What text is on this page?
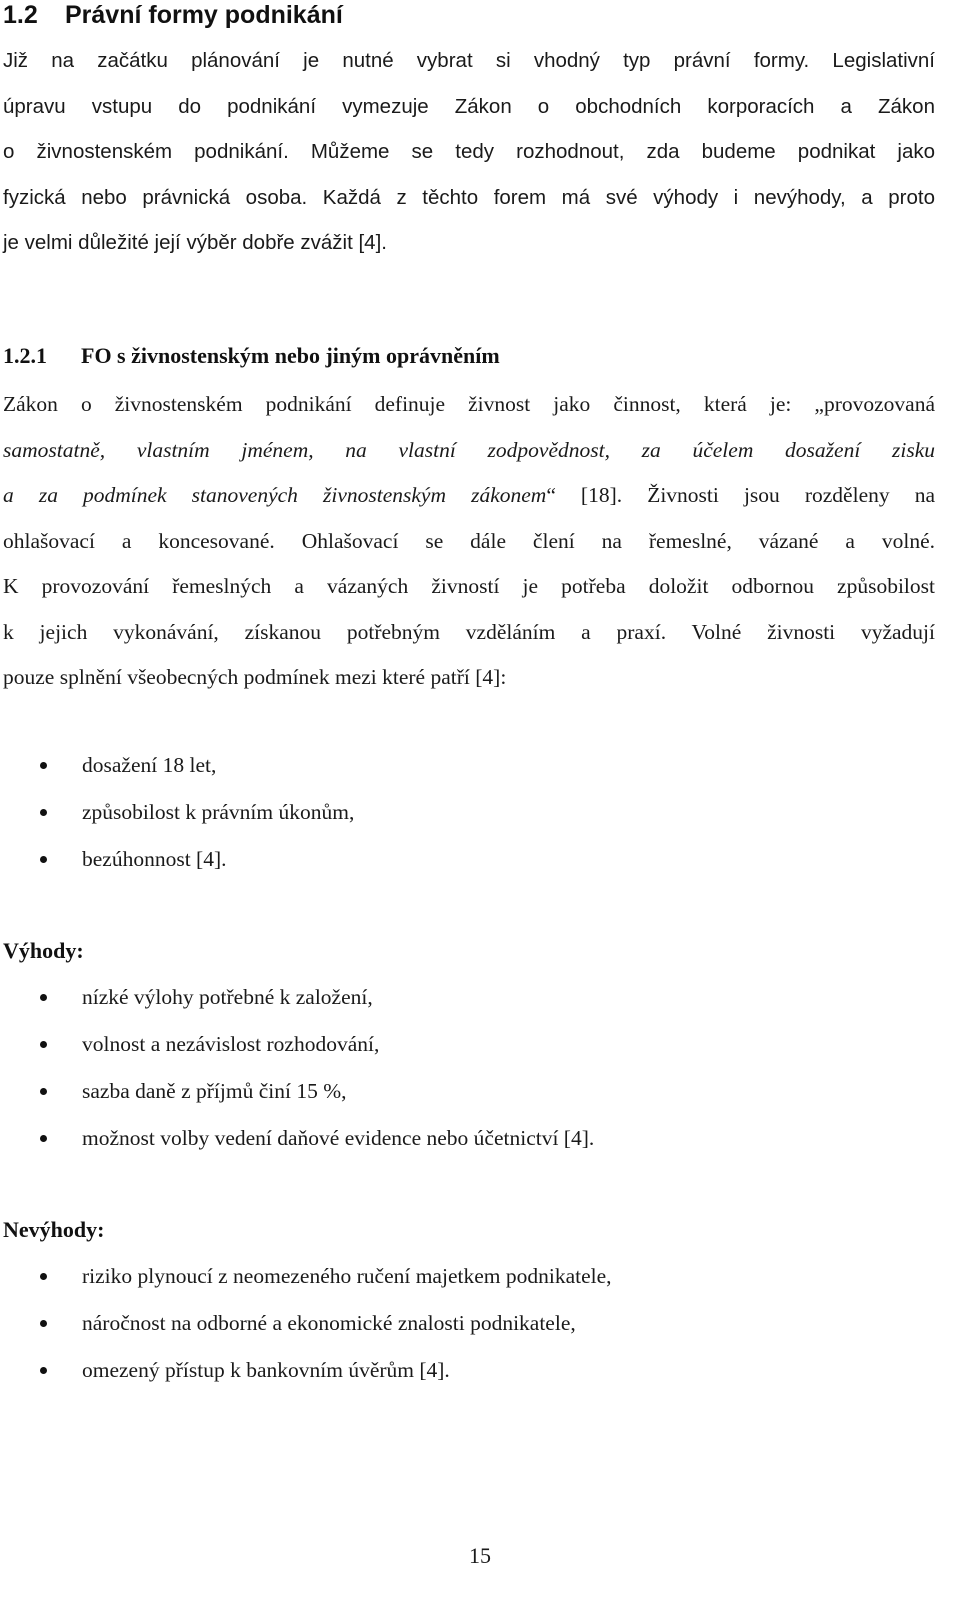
1.2 Právní formy podnikání
Již na začátku plánování je nutné vybrat si vhodný typ právní formy. Legislativní
úpravu vstupu do podnikání vymezuje Zákon o obchodních korporacích a Zákon
o živnostenském podnikání. Můžeme se tedy rozhodnout, zda budeme podnikat jako
fyzická nebo právnická osoba. Každá z těchto forem má své výhody i nevýhody, a proto
je velmi důležité její výběr dobře zvážit [4].
1.2.1 FO s živnostenským nebo jiným oprávněním
Zákon o živnostenském podnikání definuje živnost jako činnost, která je: „provozovaná
samostatně, vlastním jménem, na vlastní zodpovědnost, za účelem dosažení zisku
a za podmínek stanovených živnostenským zákonem“ [18]. Živnosti jsou rozděleny na
ohlašovací a koncesované. Ohlašovací se dále člení na řemeslné, vázané a volné.
K provozování řemeslných a vázaných živností je potřeba doložit odbornou způsobilost
k jejich vykonávání, získanou potřebným vzděláním a praxí. Volné živnosti vyžadují
pouze splnění všeobecných podmínek mezi které patří [4]:
dosažení 18 let,
způsobilost k právním úkonům,
bezúhonnost [4].
Výhody:
nízké výlohy potřebné k založení,
volnost a nezávislost rozhodování,
sazba daně z příjmů činí 15 %,
možnost volby vedení daňové evidence nebo účetnictví [4].
Nevýhody:
riziko plynoucí z neomezeného ručení majetkem podnikatele,
náročnost na odborné a ekonomické znalosti podnikatele,
omezený přístup k bankovním úvěrům [4].
15
